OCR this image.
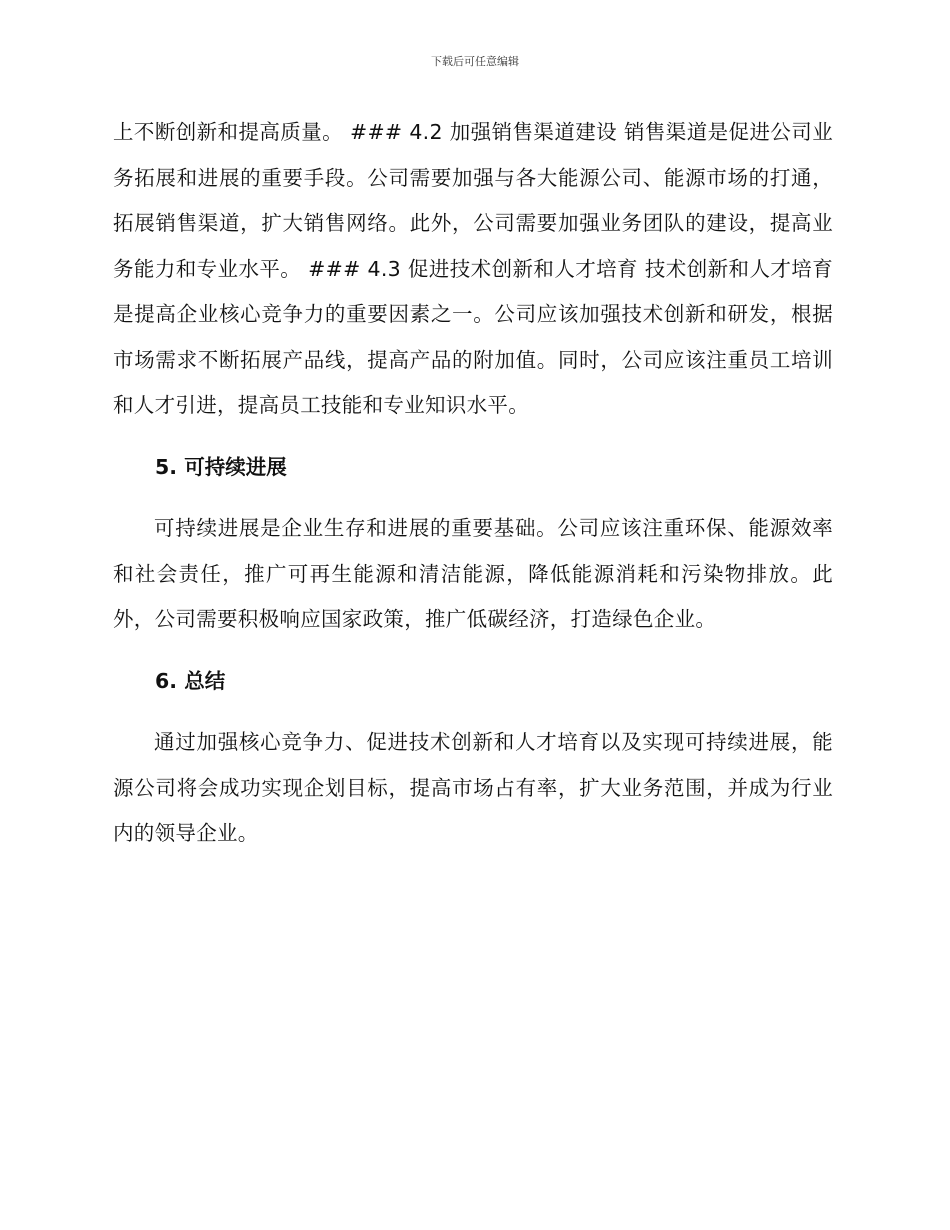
下载后可任意编辑

上不断创新和提高质量。 ### 4.2 加强销售渠道建设 销售渠道是促进公司业务拓展和进展的重要手段。公司需要加强与各大能源公司、能源市场的打通，拓展销售渠道，扩大销售网络。此外，公司需要加强业务团队的建设，提高业务能力和专业水平。 ### 4.3 促进技术创新和人才培育 技术创新和人才培育是提高企业核心竞争力的重要因素之一。公司应该加强技术创新和研发，根据市场需求不断拓展产品线，提高产品的附加值。同时，公司应该注重员工培训和人才引进，提高员工技能和专业知识水平。

5. 可持续进展

可持续进展是企业生存和进展的重要基础。公司应该注重环保、能源效率和社会责任，推广可再生能源和清洁能源，降低能源消耗和污染物排放。此外，公司需要积极响应国家政策，推广低碳经济，打造绿色企业。

6. 总结

通过加强核心竞争力、促进技术创新和人才培育以及实现可持续进展，能源公司将会成功实现企划目标，提高市场占有率，扩大业务范围，并成为行业内的领导企业。
